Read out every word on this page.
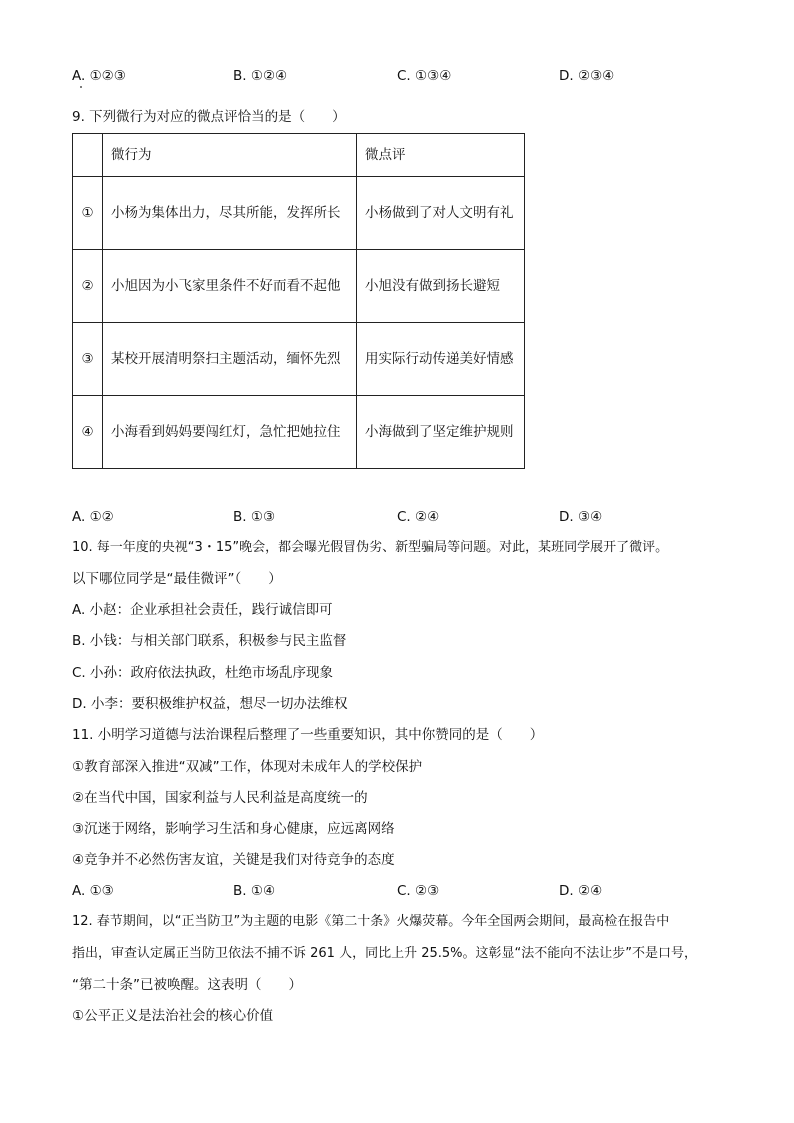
A. ①②③	B. ①②④	C. ①③④	D. ②③④
9. 下列微行为对应的微点评恰当的是（　　）
	微行为	微点评
①	小杨为集体出力，尽其所能，发挥所长	小杨做到了对人文明有礼
②	小旭因为小飞家里条件不好而看不起他	小旭没有做到扬长避短
③	某校开展清明祭扫主题活动，缅怀先烈	用实际行动传递美好情感
④	小海看到妈妈要闯红灯，急忙把她拉住	小海做到了坚定维护规则
A. ①②	B. ①③	C. ②④	D. ③④
10. 每一年度的央视“3・15”晚会，都会曝光假冒伪劣、新型骗局等问题。对此，某班同学展开了微评。
以下哪位同学是“最佳微评”（　　）
A. 小赵：企业承担社会责任，践行诚信即可
B. 小钱：与相关部门联系，积极参与民主监督
C. 小孙：政府依法执政，杜绝市场乱序现象
D. 小李：要积极维护权益，想尽一切办法维权
11. 小明学习道德与法治课程后整理了一些重要知识，其中你赞同的是（　　）
①教育部深入推进“双减”工作，体现对未成年人的学校保护
②在当代中国，国家利益与人民利益是高度统一的
③沉迷于网络，影响学习生活和身心健康，应远离网络
④竞争并不必然伤害友谊，关键是我们对待竞争的态度
A. ①③	B. ①④	C. ②③	D. ②④
12. 春节期间，以“正当防卫”为主题的电影《第二十条》火爆荧幕。今年全国两会期间，最高检在报告中
指出，审查认定属正当防卫依法不捕不诉 261 人，同比上升 25.5%。这彰显“法不能向不法让步”不是口号，
“第二十条”已被唤醒。这表明（　　）
①公平正义是法治社会的核心价值
